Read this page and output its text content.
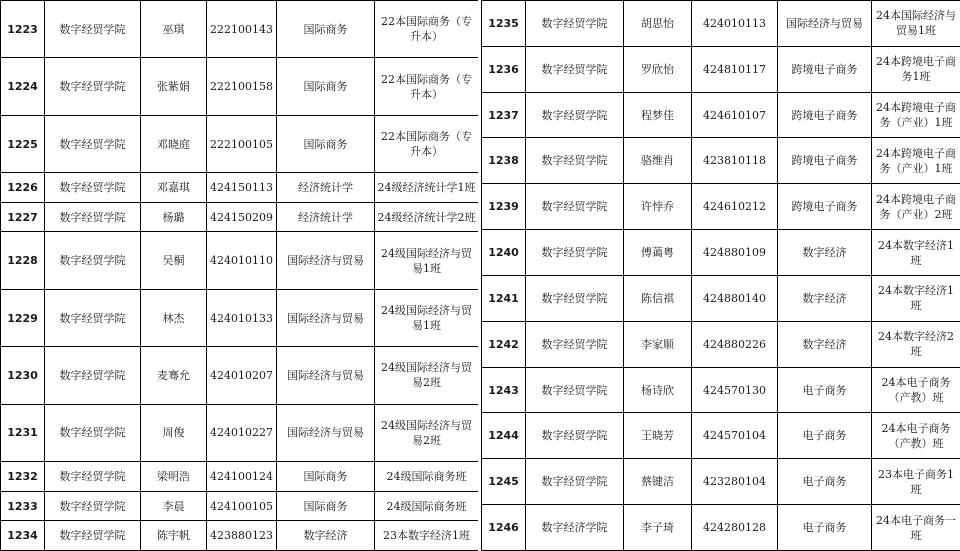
1223	数字经贸学院	巫琪	222100143	国际商务	22本国际商务（专升本）
1224	数字经贸学院	张紫娟	222100158	国际商务	22本国际商务（专升本）
1225	数字经贸学院	邓晓庭	222100105	国际商务	22本国际商务（专升本）
1226	数字经贸学院	邓嘉琪	424150113	经济统计学	24级经济统计学1班
1227	数字经贸学院	杨璐	424150209	经济统计学	24级经济统计学2班
1228	数字经贸学院	吴桐	424010110	国际经济与贸易	24级国际经济与贸易1班
1229	数字经贸学院	林杰	424010133	国际经济与贸易	24级国际经济与贸易1班
1230	数字经贸学院	麦骞允	424010207	国际经济与贸易	24级国际经济与贸易2班
1231	数字经贸学院	周俊	424010227	国际经济与贸易	24级国际经济与贸易2班
1232	数字经贸学院	梁明浩	424100124	国际商务	24级国际商务班
1233	数字经贸学院	李晨	424100105	国际商务	24级国际商务班
1234	数字经贸学院	陈宇帆	423880123	数字经济	23本数字经济1班
1235	数字经贸学院	胡思怡	424010113	国际经济与贸易	24本国际经济与贸易1班
1236	数字经贸学院	罗欣怡	424810117	跨境电子商务	24本跨境电子商务1班
1237	数字经贸学院	程梦佳	424610107	跨境电子商务	24本跨境电子商务（产业）1班
1238	数字经贸学院	骆维肖	423810118	跨境电子商务	24本跨境电子商务（产业）1班
1239	数字经贸学院	许悖乔	424610212	跨境电子商务	24本跨境电子商务（产业）2班
1240	数字经贸学院	傅蔼粤	424880109	数字经济	24本数字经济1班
1241	数字经贸学院	陈信祺	424880140	数字经济	24本数字经济1班
1242	数字经贸学院	李家顺	424880226	数字经济	24本数字经济2班
1243	数字经贸学院	杨诗欣	424570130	电子商务	24本电子商务（产教）班
1244	数字经贸学院	王晓芳	424570104	电子商务	24本电子商务（产教）班
1245	数字经贸学院	蔡键洁	423280104	电子商务	23本电子商务1班
1246	数字经济学院	李子琦	424280128	电子商务	24本电子商务一班
